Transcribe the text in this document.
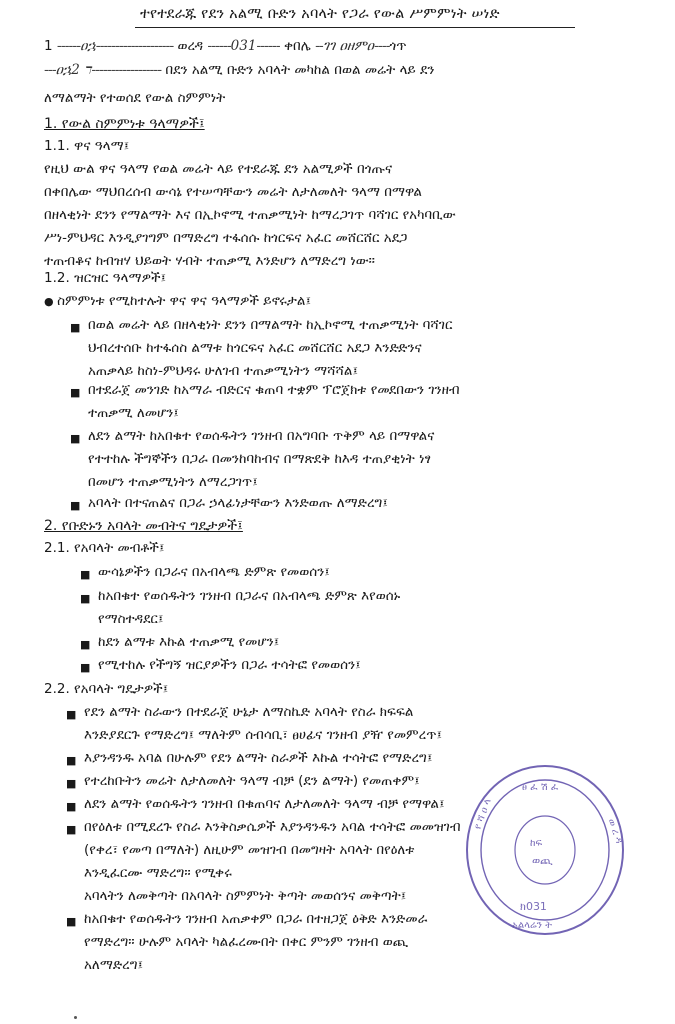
ተየተደራጁ የደን አልሚ ቡድን አባላት የጋራ የውል ሥምምነት ሠነድ
1 ------ዐኋ-------------------- ወረዳ ------031------ ቀበሌ --ገገ ዐዘምዐ----ጎጥ
---ዐኋ2 ℸ------------------ በደን አልሚ ቡድን አባላት መካከል በወል መሬት ላይ ደን
ለማልማት የተወሰደ የውል ስምምነት
1. የውል ስምምነቱ ዓላማዎች፤
1.1. ዋና ዓላማ፤
የዚህ ውል ዋና ዓላማ የወል መሬት ላይ የተደራጁ ደን አልሚዎች በጎጡና
በቀበሌው ማህበረሰብ ውሳኔ የተሠጣቸውን መሬት ለታለመለት ዓላማ በማዋል
በዘላቂነት ደንን የማልማት እና በኢኮኖሚ ተጠቃሚነት ከማረጋገጥ ባሻገር የአካባቢው
ሥነ-ምህዳር እንዲያገግም በማድረግ ተፋሰሱ ከጎርፍና አፈር መሸርሸር አደጋ
ተጠብቆና ከብዝሃ ህይወት ሃብት ተጠቃሚ እንድሆን ለማድረግ ነው።
1.2. ዝርዝር ዓላማዎች፤
● ስምምነቱ የሚከተሉት ዋና ዋና ዓላማዎች ይኖሩታል፤
■ በወል መሬት ላይ በዘላቂነት ደንን በማልማት ከኢኮኖሚ ተጠቃሚነት ባሻገር
ህብረተሰቡ ከተፋሰስ ልማቱ ከጎርፍና አፈር መሸርሸር አደጋ እንድድንና
አጠቃላይ ከስነ-ምህዳሩ ሁለገብ ተጠቃሚነትን ማሻሻል፤
■ በተደራጀ መንገድ ከአማራ ብድርና ቁጠባ ተቋም ፕሮጀክቱ የመደበውን ገንዘብ
ተጠቃሚ ለመሆን፤
■ ለደን ልማት ከአበቁተ የወሰዱትን ገንዘብ በአግባቡ ጥቅም ላይ በማዋልና
የተተከሉ ችግኞችን በጋራ በመንከባከብና በማጽደቅ ከእዳ ተጠያቂነት ነፃ
በመሆን ተጠቃሚነትን ለማረጋገጥ፤
■ አባላት በተናጠልና በጋራ ኃላፊነታቸውን እንድወጡ ለማድረግ፤
2. የቡድኑን አባላት መብትና ግዴታዎች፤
2.1. የአባላት መብቶች፤
■ ውሳኔዎችን በጋራና በአብላጫ ድምጽ የመወሰን፤
■ ከአበቁተ የወሰዱትን ገንዘብ በጋራና በአብላጫ ድምጽ እየወሰኑ
የማስተዳደር፤
■ ከደን ልማቱ እኩል ተጠቃሚ የመሆን፤
■ የሚተከሉ የችግኝ ዝርያዎችን በጋራ ተሳትፎ የመወሰን፤
2.2. የአባላት ግዴታዎች፤
■ የደን ልማት ስራውን በተደራጀ ሁኔታ ለማስኬድ አባላት የስራ ክፍፍል
እንድያደርጉ የማድረግ፤ ማለትም ሰብሳቢ፣ ፀሀፊና ገንዘብ ያዥ የመምረጥ፤
■ እያንዳንዱ አባል በሁሉም የደን ልማት ስራዎች እኩል ተሳትፎ የማድረግ፤
■ የተረከቡትን መሬት ለታለመለት ዓላማ ብቻ (ደን ልማት) የመጠቀም፤
■ ለደን ልማት የወሰዱትን ገንዘብ በቁጠባና ለታለመለት ዓላማ ብቻ የማዋል፤
■ በየዕለቱ በሚደረጉ የስራ እንቅስቃሴዎች እያንዳንዱን አባል ተሳትፎ መመዝገብ
(የቀረ፣ የመጣ በማለት) ለዚሁም መዝገብ በመግዛት አባላት በየዕለቱ
እንዲፈርሙ ማድረግ። የሚቀሩ
አባላትን ለመቅጣት በአባላት ስምምነት ቅጣት መወሰንና መቅጣት፤
■ ከአበቁተ የወሰዱትን ገንዘብ አጠቃቀም በጋራ በተዘጋጀ ዕቅድ እንድመራ
የማድረግ። ሁሉም አባላት ካልፈረሙበት በቀር ምንም ገንዘብ ወጪ
አለማድረግ፤
ፀ ፈ ሽ ፈ
የ ሻ ዐ ላ
ወ ረ ዳ
ከፍ
ወጪ
ክ031
ኦልላሬን ት
